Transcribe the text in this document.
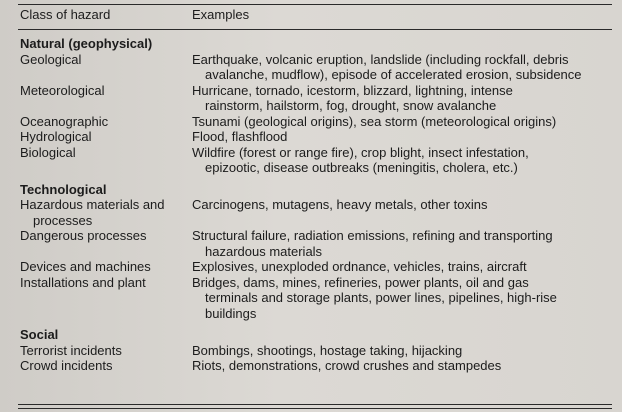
Class of hazard	Examples
Natural (geophysical)	

Geological	Earthquake, volcanic eruption, landslide (including rockfall, debris
avalanche, mudflow), episode of accelerated erosion, subsidence

Meteorological	Hurricane, tornado, icestorm, blizzard, lightning, intense
rainstorm, hailstorm, fog, drought, snow avalanche

Oceanographic	Tsunami (geological origins), sea storm (meteorological origins)

Hydrological	Flood, flashflood

Biological	Wildfire (forest or range fire), crop blight, insect infestation,
epizootic, disease outbreaks (meningitis, cholera, etc.)

Technological	

Hazardous materials and
processes	Carcinogens, mutagens, heavy metals, other toxins

Dangerous processes	Structural failure, radiation emissions, refining and transporting
hazardous materials

Devices and machines	Explosives, unexploded ordnance, vehicles, trains, aircraft

Installations and plant	Bridges, dams, mines, refineries, power plants, oil and gas
terminals and storage plants, power lines, pipelines, high-rise
buildings

Social	

Terrorist incidents	Bombings, shootings, hostage taking, hijacking

Crowd incidents	Riots, demonstrations, crowd crushes and stampedes
